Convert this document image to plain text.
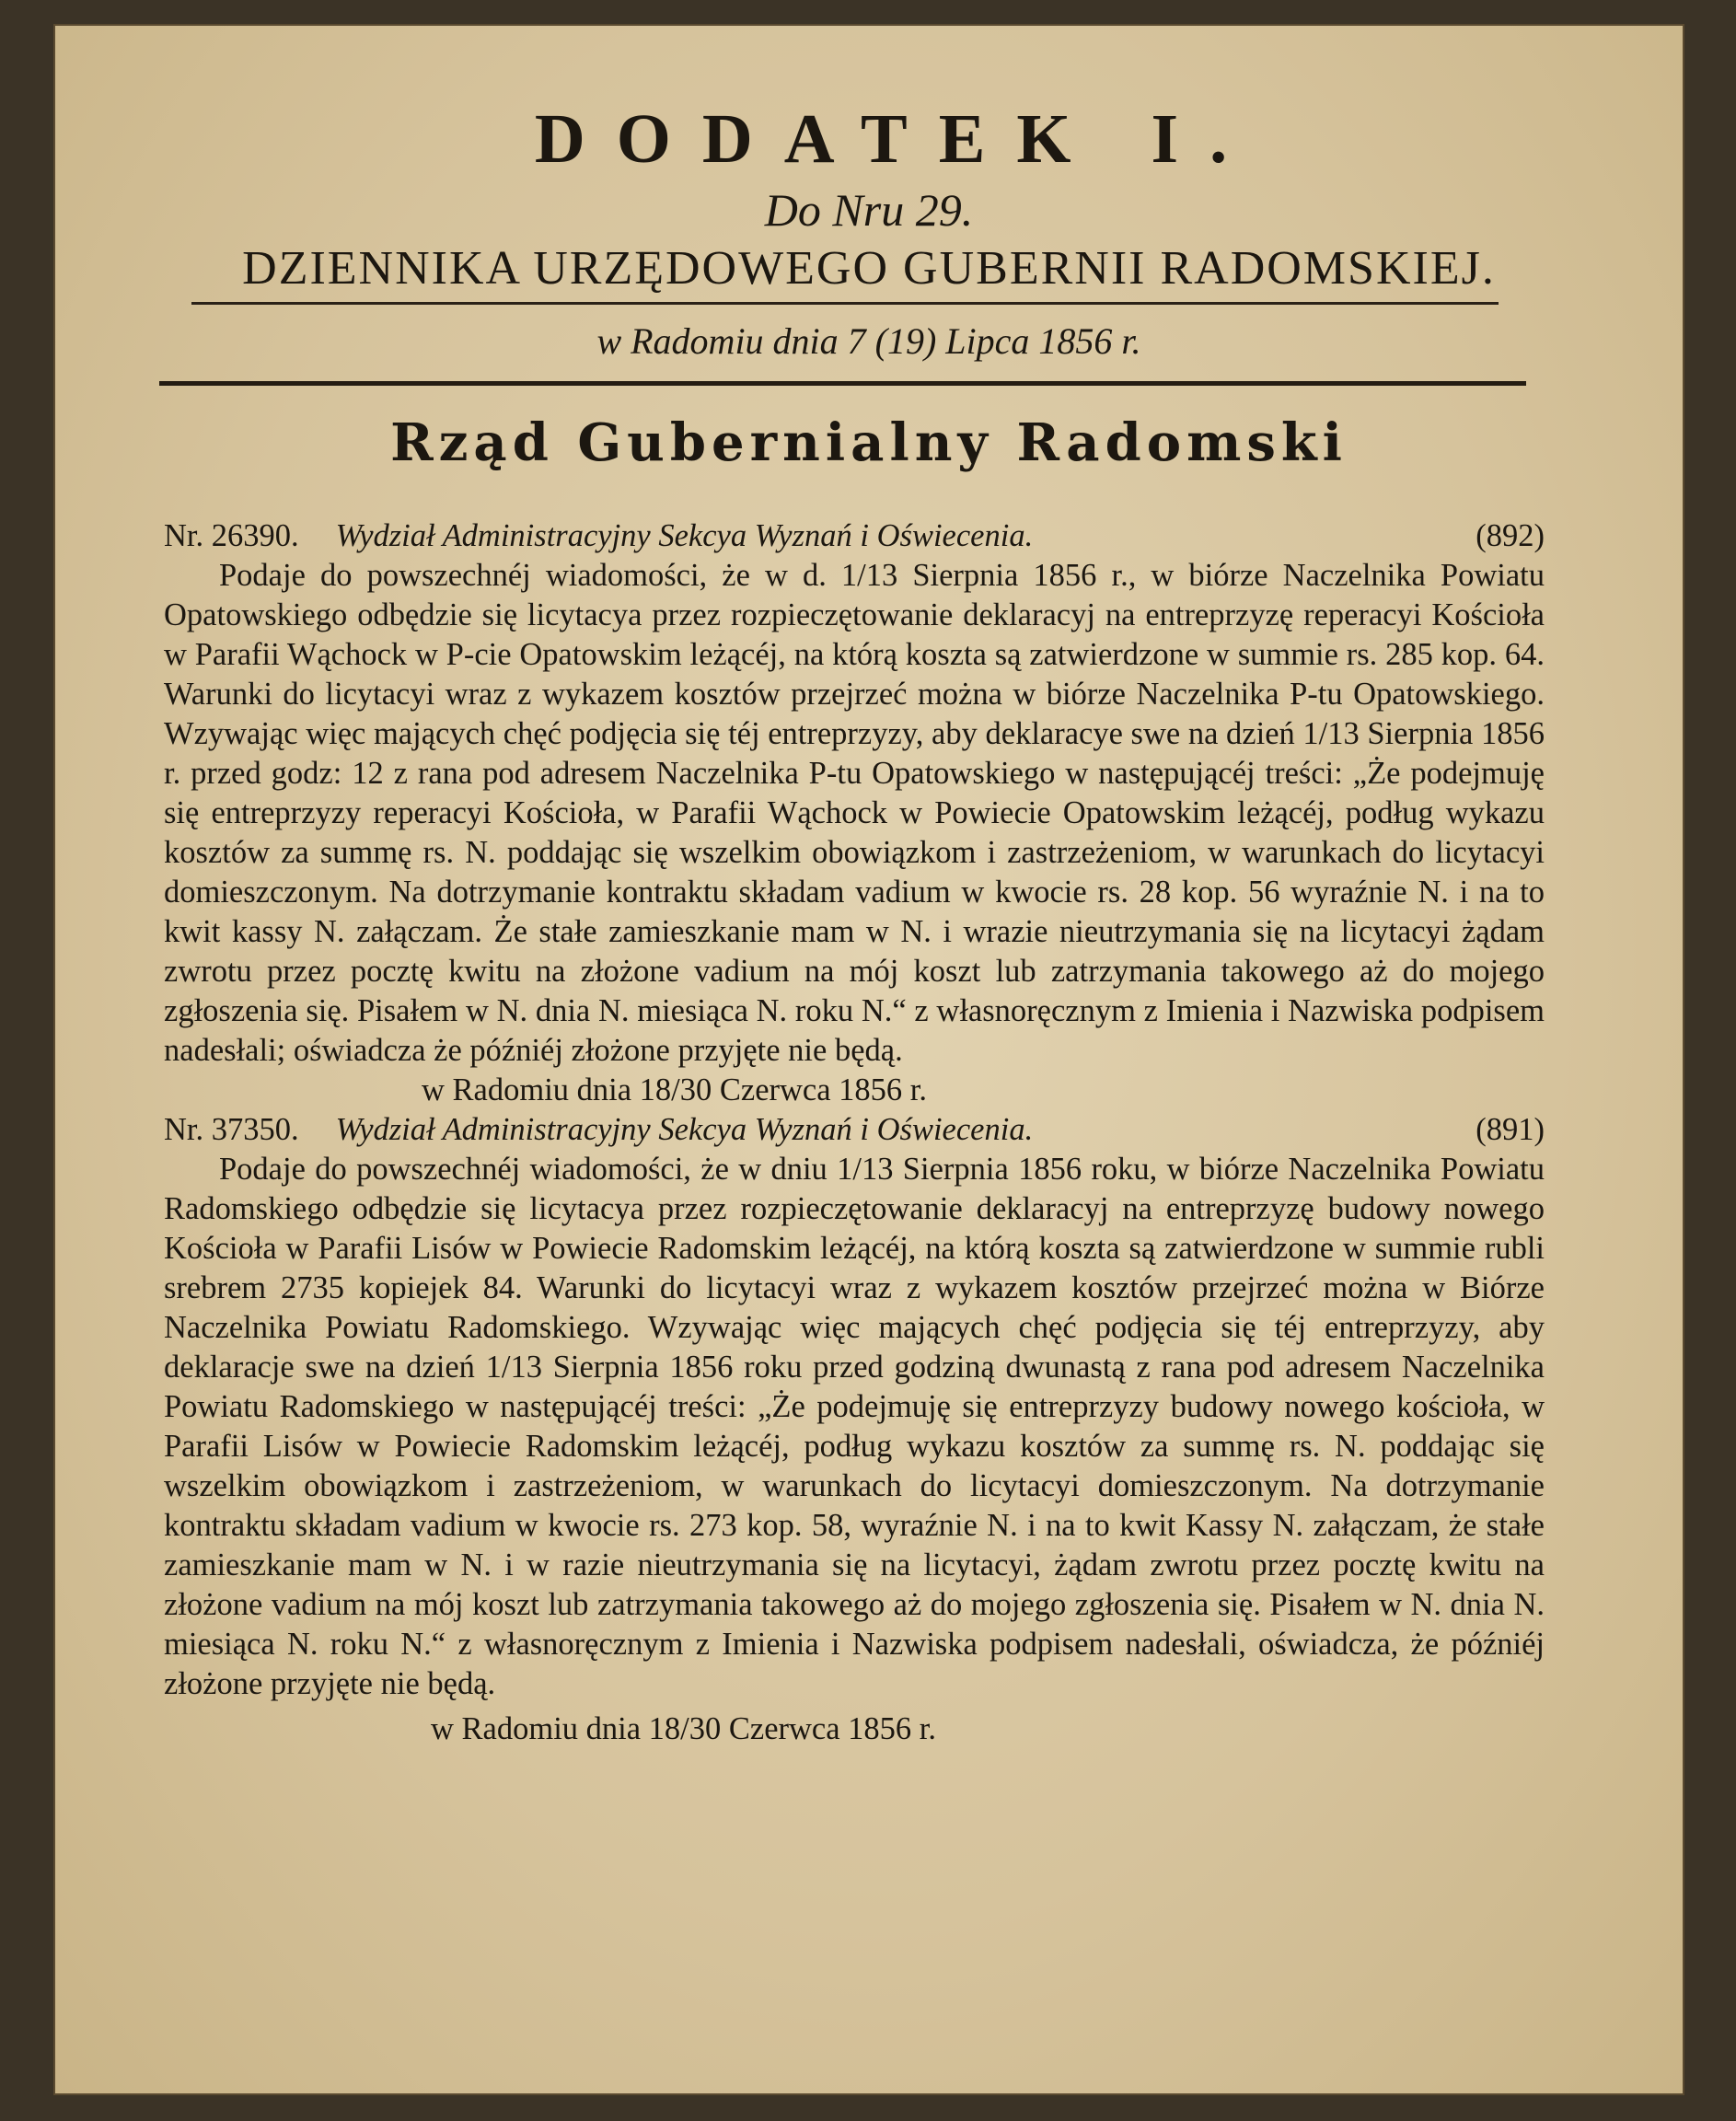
DODATEK I.
Do Nru 29.
DZIENNIKA URZĘDOWEGO GUBERNII RADOMSKIEJ.
w Radomiu dnia 7 (19) Lipca 1856 r.
Rząd Gubernialny Radomski
Nr. 26390.	Wydział Administracyjny Sekcya Wyznań i Oświecenia.	(892)
Podaje do powszechnéj wiadomości, że w d. 1/13 Sierpnia 1856 r., w biórze Naczelnika Powiatu Opatowskiego odbędzie się licytacya przez rozpieczętowanie deklaracyj na entreprzyzę reperacyi Kościoła w Parafii Wąchock w P-cie Opatowskim leżącéj, na którą koszta są zatwierdzone w summie rs. 285 kop. 64. Warunki do licytacyi wraz z wykazem kosztów przejrzeć można w biórze Naczelnika P-tu Opatowskiego. Wzywając więc mających chęć podjęcia się téj entreprzyzy, aby deklaracye swe na dzień 1/13 Sierpnia 1856 r. przed godz: 12 z rana pod adresem Naczelnika P-tu Opatowskiego w następującéj treści: „Że podejmuję się entreprzyzy reperacyi Kościoła, w Parafii Wąchock w Powiecie Opatowskim leżącéj, podług wykazu kosztów za summę rs. N. poddając się wszelkim obowiązkom i zastrzeżeniom, w warunkach do licytacyi domieszczonym. Na dotrzymanie kontraktu składam vadium w kwocie rs. 28 kop. 56 wyraźnie N. i na to kwit kassy N. załączam. Że stałe zamieszkanie mam w N. i wrazie nieutrzymania się na licytacyi żądam zwrotu przez pocztę kwitu na złożone vadium na mój koszt lub zatrzymania takowego aż do mojego zgłoszenia się. Pisałem w N. dnia N. miesiąca N. roku N.“ z własnoręcznym z Imienia i Nazwiska podpisem nadesłali; oświadcza że późniéj złożone przyjęte nie będą.
w Radomiu dnia 18/30 Czerwca 1856 r.
Nr. 37350.	Wydział Administracyjny Sekcya Wyznań i Oświecenia.	(891)
Podaje do powszechnéj wiadomości, że w dniu 1/13 Sierpnia 1856 roku, w biórze Naczelnika Powiatu Radomskiego odbędzie się licytacya przez rozpieczętowanie deklaracyj na entreprzyzę budowy nowego Kościoła w Parafii Lisów w Powiecie Radomskim leżącéj, na którą koszta są zatwierdzone w summie rubli srebrem 2735 kopiejek 84. Warunki do licytacyi wraz z wykazem kosztów przejrzeć można w Biórze Naczelnika Powiatu Radomskiego. Wzywając więc mających chęć podjęcia się téj entreprzyzy, aby deklaracje swe na dzień 1/13 Sierpnia 1856 roku przed godziną dwunastą z rana pod adresem Naczelnika Powiatu Radomskiego w następującéj treści: „Że podejmuję się entreprzyzy budowy nowego kościoła, w Parafii Lisów w Powiecie Radomskim leżącéj, podług wykazu kosztów za summę rs. N. poddając się wszelkim obowiązkom i zastrzeżeniom, w warunkach do licytacyi domieszczonym. Na dotrzymanie kontraktu składam vadium w kwocie rs. 273 kop. 58, wyraźnie N. i na to kwit Kassy N. załączam, że stałe zamieszkanie mam w N. i w razie nieutrzymania się na licytacyi, żądam zwrotu przez pocztę kwitu na złożone vadium na mój koszt lub zatrzymania takowego aż do mojego zgłoszenia się. Pisałem w N. dnia N. miesiąca N. roku N.“ z własnoręcznym z Imienia i Nazwiska podpisem nadesłali, oświadcza, że późniéj złożone przyjęte nie będą.
w Radomiu dnia 18/30 Czerwca 1856 r.
